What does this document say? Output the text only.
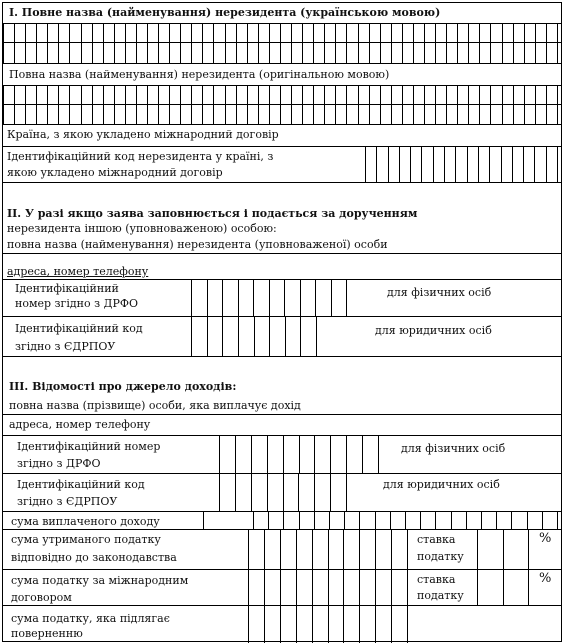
І. Повне назва (найменування) нерезидента (українською мовою)
Повна назва (найменування) нерезидента (оригінальною мовою)
Країна, з якою укладено міжнародний договір
Ідентифікаційний код нерезидента у країні, з
якою укладено міжнародний договір
ІІ. У разі якщо заява заповнюється і подається за дорученням
нерезидента іншою (уповноваженою) особою:
повна назва (найменування) нерезидента (уповноваженої) особи
адреса, номер телефону
Ідентифікаційний
номер згідно з ДРФО
для фізичних осіб
Ідентифікаційний код
згідно з ЄДРПОУ
для юридичних осіб
ІІІ. Відомості про джерело доходів:
повна назва (прізвище) особи, яка виплачує дохід
адреса, номер телефону
Ідентифікаційний номер
згідно з ДРФО
для фізичних осіб
Ідентифікаційний код
згідно з ЄДРПОУ
для юридичних осіб
сума виплаченого доходу
сума утриманого податку
відповідно до законодавства
ставка
податку
%
сума податку за міжнародним
договором
ставка
податку
%
сума податку, яка підлягає
поверненню
